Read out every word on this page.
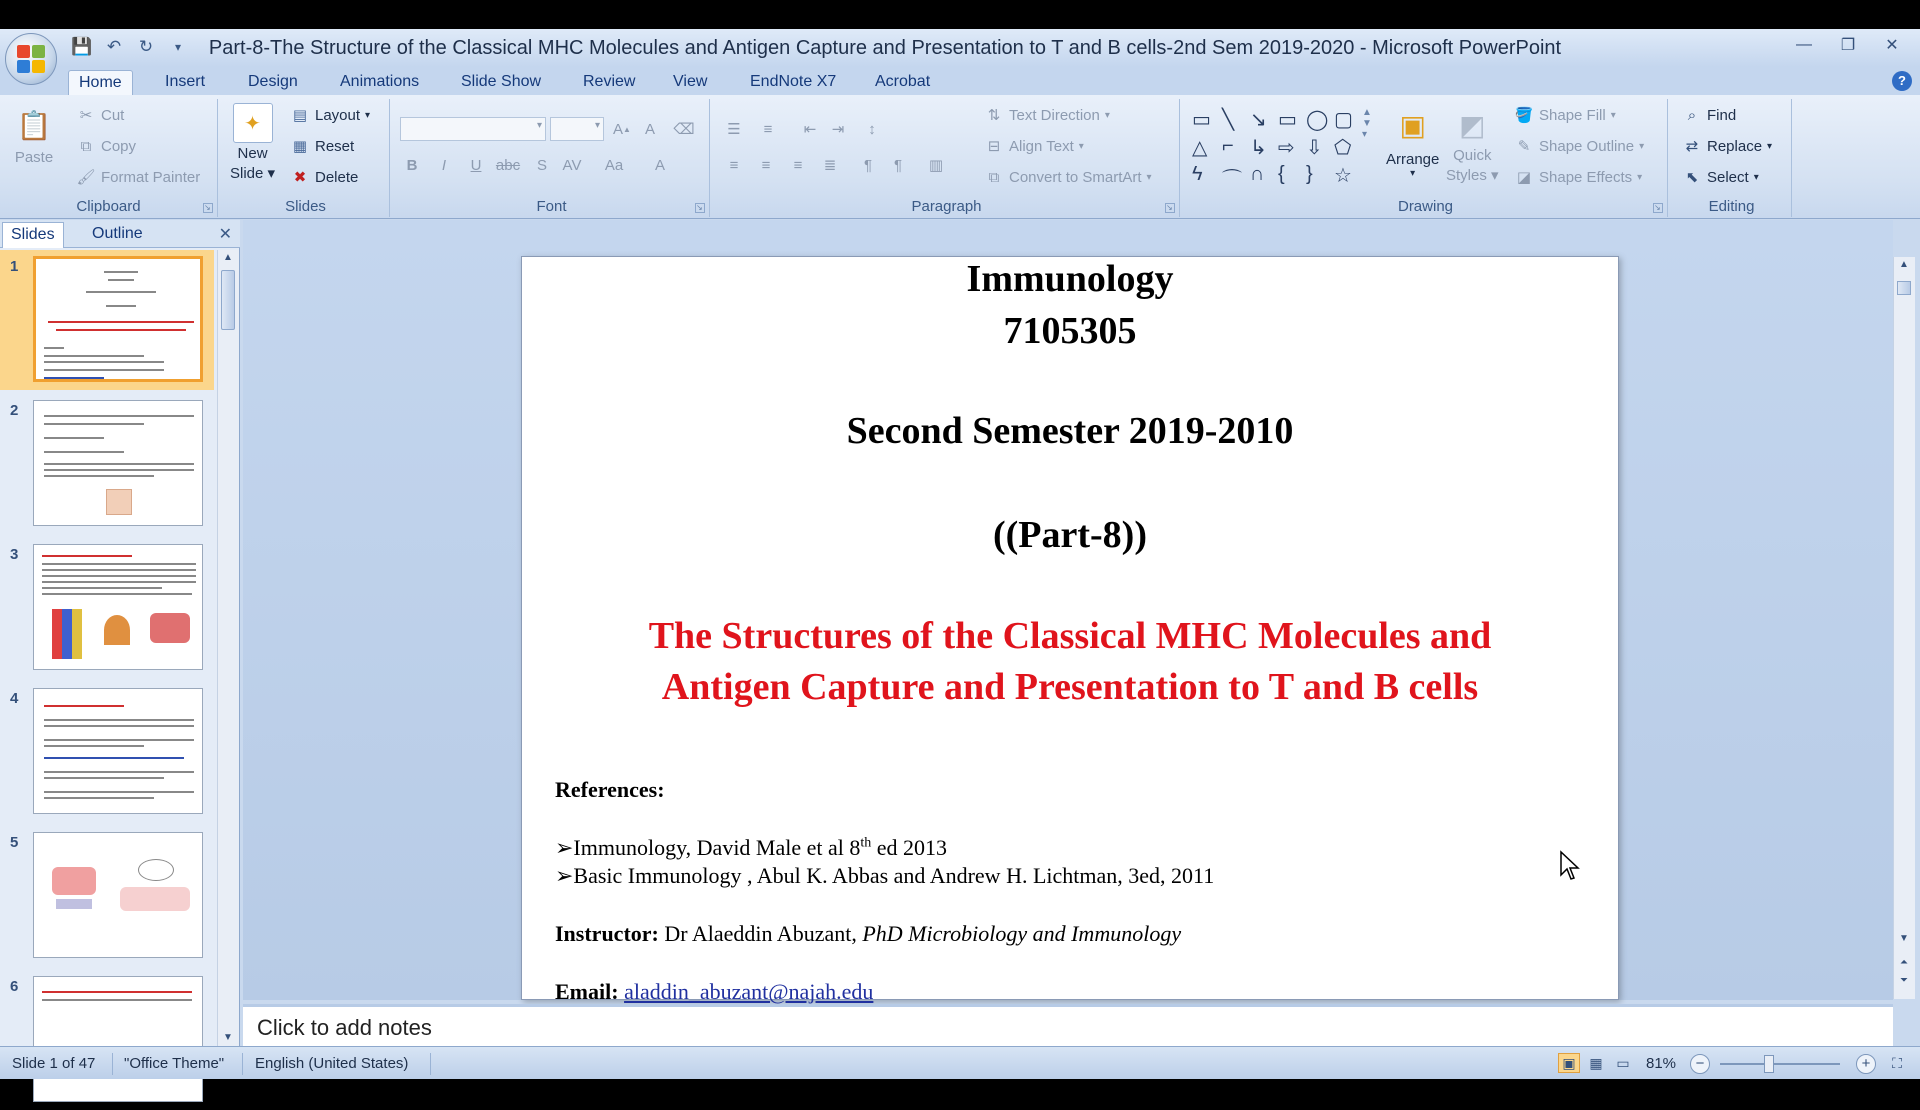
💾 ↶ ↻	▾	Part-8-The Structure of the Classical MHC Molecules and Antigen Capture and Presentation to T and B cells-2nd Sem 2019-2020 - Microsoft PowerPoint	—	❐	✕
Home	Insert	Design	Animations	Slide Show	Review	View	EndNote X7	Acrobat	?
📋
Paste
✂ Cut
⧉ Copy
🖌 Format Painter
Clipboard	↘
✦
New
Slide ▾
▤ Layout ▾
▦ Reset
✖ Delete
Slides
▾	▾ A ▲ A	⌫
B	I	U abc	S	AV Aa	A
Font	↘
☰	≡	⇤	⇥	↕
≡	≡	≡	≣	¶	¶	▥
⇅ Text Direction ▾
⊟ Align Text ▾
⧉ Convert to SmartArt ▾
Paragraph	↘
▭ ╲ ↘ ▭ ◯ ▢
△ ⌐ ↳ ⇨ ⇩ ⬠
ϟ ⌒ ∩ { } ☆
▲
▼
▾ ▣
Arrange
▾
◩
Quick
Styles ▾
🪣 Shape Fill ▾
✎ Shape Outline ▾
◪ Shape Effects ▾
Drawing	↘
⌕ Find
⇄ Replace ▾
⬉ Select ▾
Editing
Slides	Outline	✕
1
2
3
4
5
6
▲
▼
Immunology
7105305
Second Semester 2019-2010
((Part-8))
The Structures of the Classical MHC Molecules and
Antigen Capture and Presentation to T and B cells
References:
➢Immunology, David Male et al 8th ed 2013
➢Basic Immunology , Abul K. Abbas and Andrew H. Lichtman, 3ed, 2011
Instructor: Dr Alaeddin Abuzant, PhD Microbiology and Immunology
Email: aladdin_abuzant@najah.edu
▲
▼
⏶
⏷
Click to add notes
Slide 1 of 47 "Office Theme" English (United States)	▣ ▦ ▭ 81%	−	+	⛶
